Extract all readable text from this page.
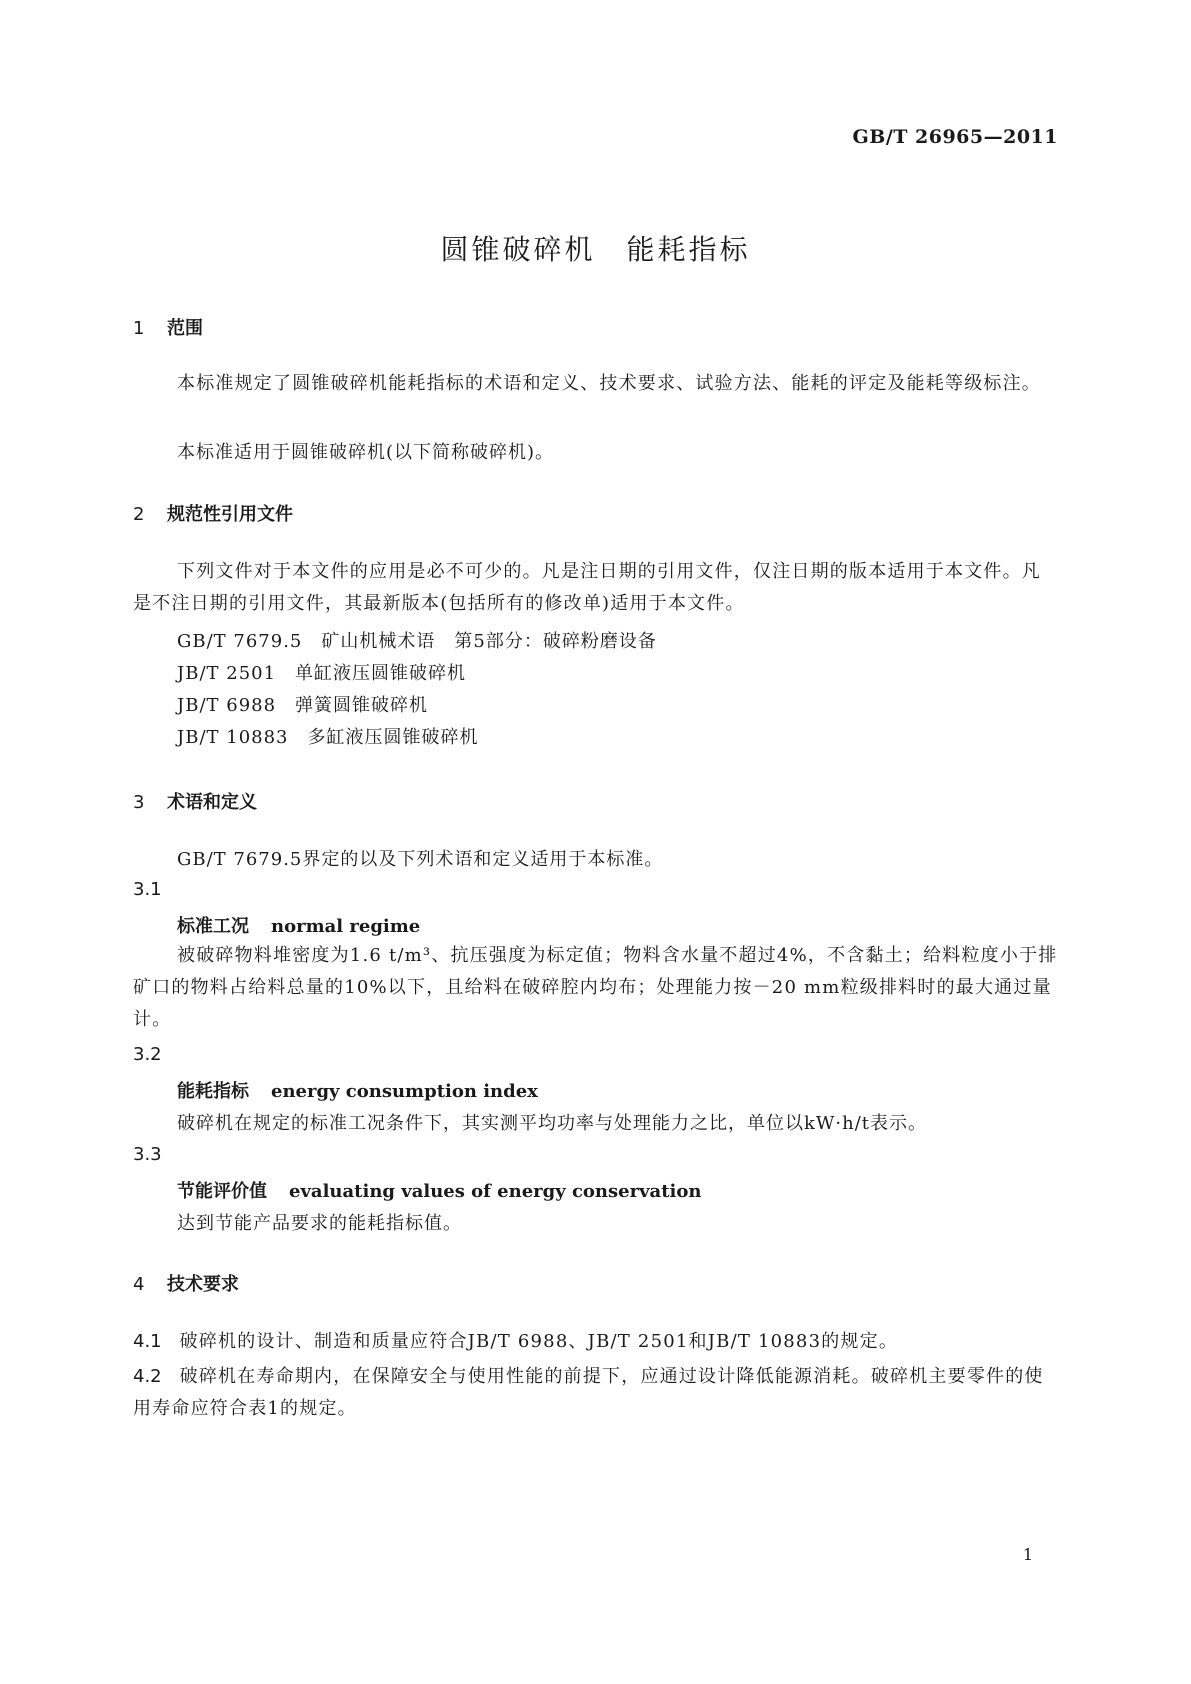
GB/T 26965—2011
圆锥破碎机　能耗指标
1 范围
本标准规定了圆锥破碎机能耗指标的术语和定义、技术要求、试验方法、能耗的评定及能耗等级标注。
本标准适用于圆锥破碎机(以下简称破碎机)。
2 规范性引用文件
下列文件对于本文件的应用是必不可少的。凡是注日期的引用文件，仅注日期的版本适用于本文件。凡是不注日期的引用文件，其最新版本(包括所有的修改单)适用于本文件。
GB/T 7679.5　矿山机械术语　第5部分：破碎粉磨设备
JB/T 2501　单缸液压圆锥破碎机
JB/T 6988　弹簧圆锥破碎机
JB/T 10883　多缸液压圆锥破碎机
3 术语和定义
GB/T 7679.5界定的以及下列术语和定义适用于本标准。
3.1
标准工况 normal regime
被破碎物料堆密度为1.6 t/m³、抗压强度为标定值；物料含水量不超过4%，不含黏土；给料粒度小于排矿口的物料占给料总量的10%以下，且给料在破碎腔内均布；处理能力按－20 mm粒级排料时的最大通过量计。
3.2
能耗指标 energy consumption index
破碎机在规定的标准工况条件下，其实测平均功率与处理能力之比，单位以kW·h/t表示。
3.3
节能评价值 evaluating values of energy conservation
达到节能产品要求的能耗指标值。
4 技术要求
4.1 破碎机的设计、制造和质量应符合JB/T 6988、JB/T 2501和JB/T 10883的规定。
4.2 破碎机在寿命期内，在保障安全与使用性能的前提下，应通过设计降低能源消耗。破碎机主要零件的使用寿命应符合表1的规定。
1
